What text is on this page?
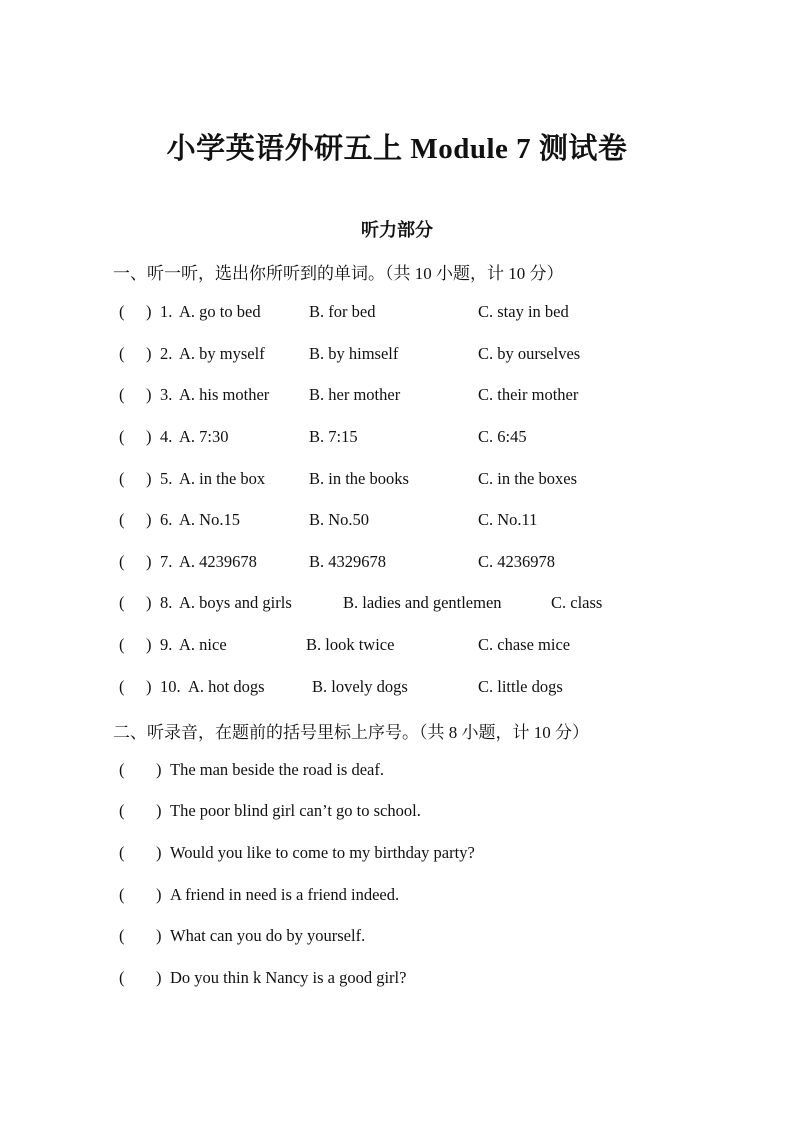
小学英语外研五上 Module 7 测试卷
听力部分
一、听一听，选出你所听到的单词。（共 10 小题，计 10 分）
( ) 1. A. go to bed	B. for bed	C. stay in bed
( ) 2. A. by myself	B. by himself	C. by ourselves
( ) 3. A. his mother B. her mother	C. their mother
( ) 4. A. 7:30	B. 7:15	C. 6:45
( ) 5. A. in the box	B. in the books	C. in the boxes
( ) 6. A. No.15	B. No.50	C. No.11
( ) 7. A. 4239678	B. 4329678	C. 4236978
( ) 8. A. boys and girls	B. ladies and gentlemen	C. class
( ) 9. A. nice	B. look twice	C. chase mice
( ) 10. A. hot dogs	B. lovely dogs	C. little dogs
二、听录音，在题前的括号里标上序号。（共 8 小题，计 10 分）
( ) The man beside the road is deaf.
( ) The poor blind girl can’t go to school.
( ) Would you like to come to my birthday party?
( ) A friend in need is a friend indeed.
( ) What can you do by yourself.
( ) Do you thin k Nancy is a good girl?
